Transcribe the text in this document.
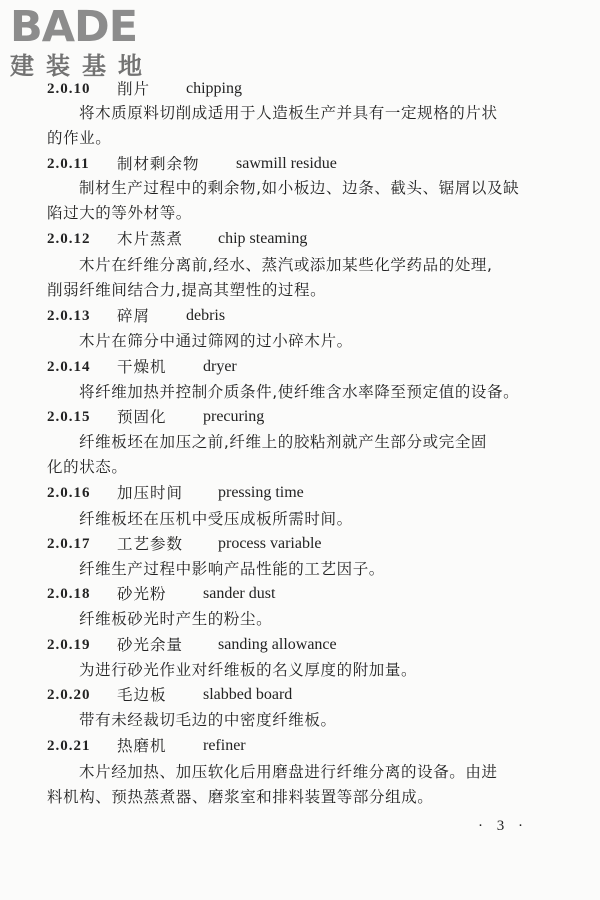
BADE
建装基地
2.0.10 削片 chipping
将木质原料切削成适用于人造板生产并具有一定规格的片状
的作业。
2.0.11 制材剩余物 sawmill residue
制材生产过程中的剩余物,如小板边、边条、截头、锯屑以及缺
陷过大的等外材等。
2.0.12 木片蒸煮 chip steaming
木片在纤维分离前,经水、蒸汽或添加某些化学药品的处理,
削弱纤维间结合力,提高其塑性的过程。
2.0.13 碎屑 debris
木片在筛分中通过筛网的过小碎木片。
2.0.14 干燥机 dryer
将纤维加热并控制介质条件,使纤维含水率降至预定值的设备。
2.0.15 预固化 precuring
纤维板坯在加压之前,纤维上的胶粘剂就产生部分或完全固
化的状态。
2.0.16 加压时间 pressing time
纤维板坯在压机中受压成板所需时间。
2.0.17 工艺参数 process variable
纤维生产过程中影响产品性能的工艺因子。
2.0.18 砂光粉 sander dust
纤维板砂光时产生的粉尘。
2.0.19 砂光余量 sanding allowance
为进行砂光作业对纤维板的名义厚度的附加量。
2.0.20 毛边板 slabbed board
带有未经裁切毛边的中密度纤维板。
2.0.21 热磨机 refiner
木片经加热、加压软化后用磨盘进行纤维分离的设备。由进
料机构、预热蒸煮器、磨浆室和排料装置等部分组成。
· 3 ·
